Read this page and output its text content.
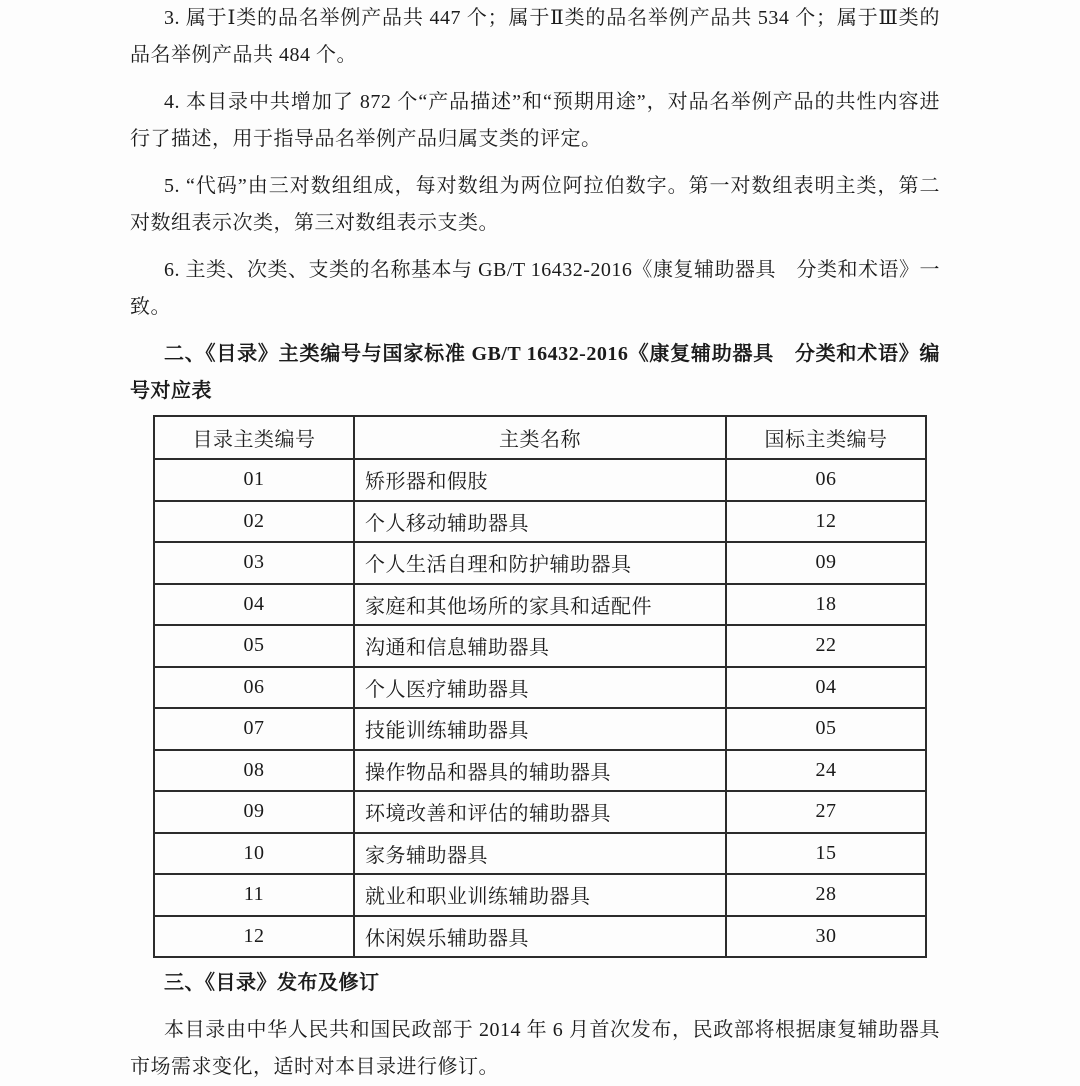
3. 属于Ⅰ类的品名举例产品共 447 个；属于Ⅱ类的品名举例产品共 534 个；属于Ⅲ类的品名举例产品共 484 个。

4. 本目录中共增加了 872 个“产品描述”和“预期用途”，对品名举例产品的共性内容进行了描述，用于指导品名举例产品归属支类的评定。

5. “代码”由三对数组组成，每对数组为两位阿拉伯数字。第一对数组表明主类，第二对数组表示次类，第三对数组表示支类。

6. 主类、次类、支类的名称基本与 GB/T 16432-2016《康复辅助器具　分类和术语》一致。

二、《目录》主类编号与国家标准 GB/T 16432-2016《康复辅助器具　分类和术语》编号对应表

目录主类编号	主类名称	国标主类编号
01	矫形器和假肢	06
02	个人移动辅助器具	12
03	个人生活自理和防护辅助器具	09
04	家庭和其他场所的家具和适配件	18
05	沟通和信息辅助器具	22
06	个人医疗辅助器具	04
07	技能训练辅助器具	05
08	操作物品和器具的辅助器具	24
09	环境改善和评估的辅助器具	27
10	家务辅助器具	15
11	就业和职业训练辅助器具	28
12	休闲娱乐辅助器具	30

三、《目录》发布及修订

本目录由中华人民共和国民政部于 2014 年 6 月首次发布，民政部将根据康复辅助器具市场需求变化，适时对本目录进行修订。
